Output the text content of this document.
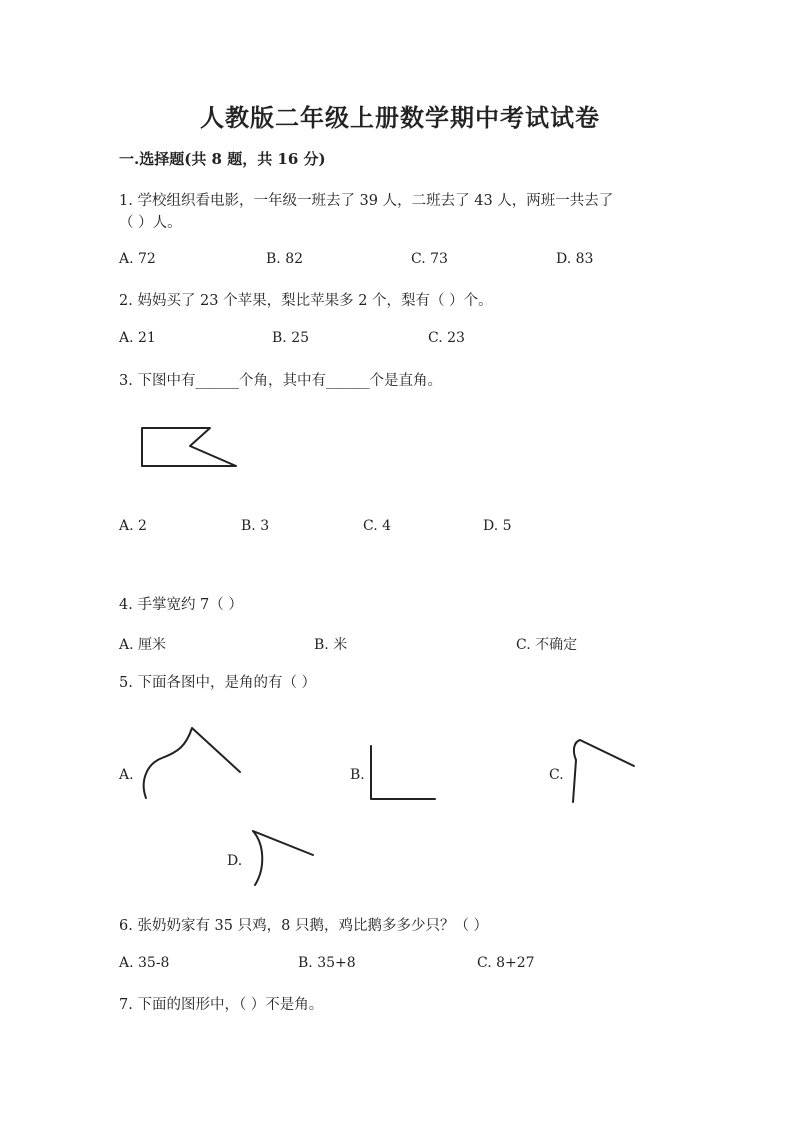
人教版二年级上册数学期中考试试卷
一.选择题(共 8 题，共 16 分)
1. 学校组织看电影，一年级一班去了 39 人，二班去了 43 人，两班一共去了
（ ）人。
A. 72	B. 82	C. 73	D. 83
2. 妈妈买了 23 个苹果，梨比苹果多 2 个，梨有（ ）个。
A. 21	B. 25	C. 23
3. 下图中有______个角，其中有______个是直角。
A. 2	B. 3	C. 4	D. 5
4. 手掌宽约 7（ ）
A. 厘米	B. 米	C. 不确定
5. 下面各图中，是角的有（ ）
A.	B.	C.
D.
6. 张奶奶家有 35 只鸡，8 只鹅，鸡比鹅多多少只？（ ）
A. 35-8	B. 35+8	C. 8+27
7. 下面的图形中，（ ）不是角。
